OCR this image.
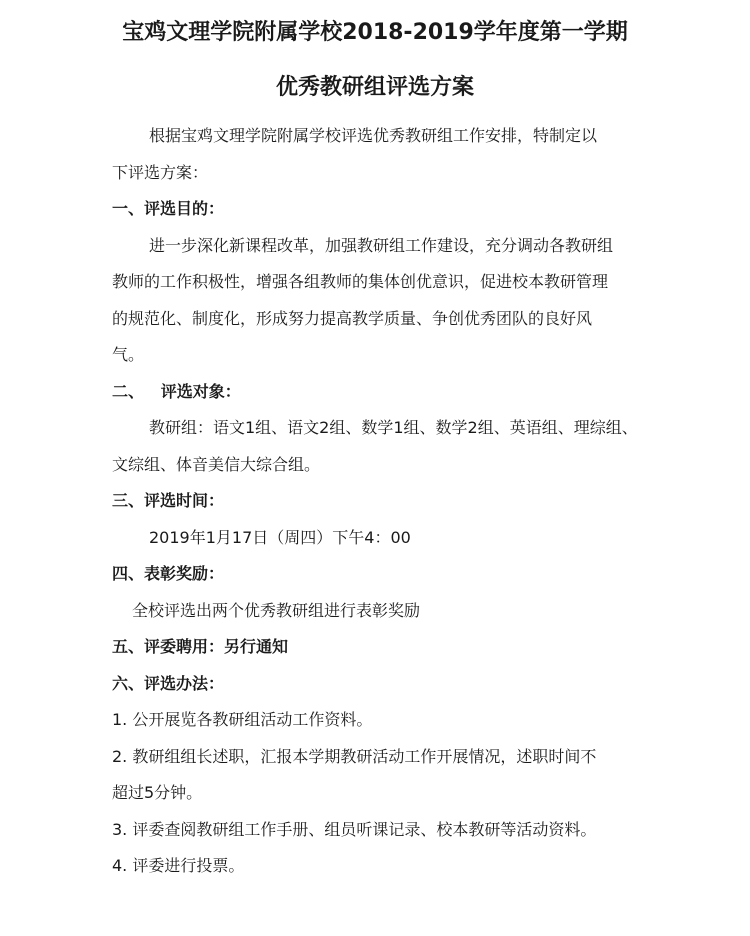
宝鸡文理学院附属学校2018-2019学年度第一学期
优秀教研组评选方案

根据宝鸡文理学院附属学校评选优秀教研组工作安排，特制定以

下评选方案：

一、评选目的：

进一步深化新课程改革，加强教研组工作建设，充分调动各教研组

教师的工作积极性，增强各组教师的集体创优意识，促进校本教研管理

的规范化、制度化，形成努力提高教学质量、争创优秀团队的良好风

气。

二、   评选对象：

教研组：语文1组、语文2组、数学1组、数学2组、英语组、理综组、

文综组、体音美信大综合组。

三、评选时间：

2019年1月17日（周四）下午4：00

四、表彰奖励：

全校评选出两个优秀教研组进行表彰奖励

五、评委聘用：另行通知

六、评选办法：

1. 公开展览各教研组活动工作资料。

2. 教研组组长述职，汇报本学期教研活动工作开展情况，述职时间不

超过5分钟。

3. 评委查阅教研组工作手册、组员听课记录、校本教研等活动资料。

4. 评委进行投票。
